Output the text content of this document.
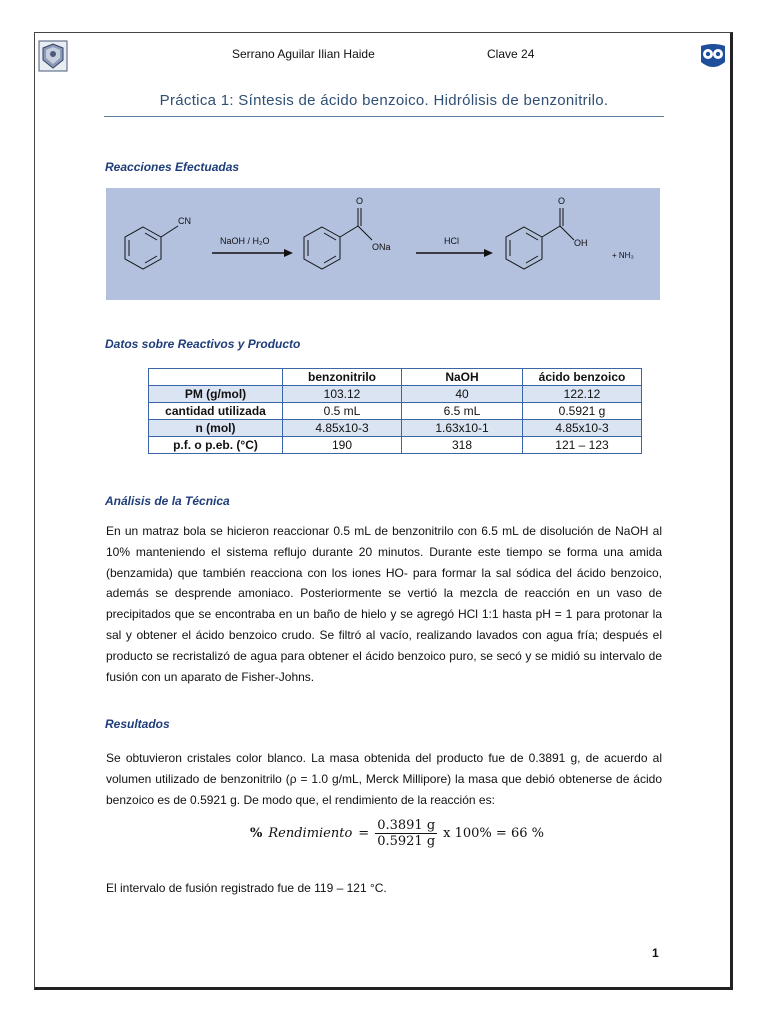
Serrano Aguilar Ilian Haide	Clave 24
Práctica 1: Síntesis de ácido benzoico. Hidrólisis de benzonitrilo.
Reacciones Efectuadas
CN
NaOH / H₂O
O
ONa
HCl
O
OH
+ NH₃
Datos sobre Reactivos y Producto
	benzonitrilo	NaOH	ácido benzoico
PM (g/mol)	103.12	40	122.12
cantidad utilizada	0.5 mL	6.5 mL	0.5921 g
n (mol)	4.85x10-3	1.63x10-1	4.85x10-3
p.f. o p.eb. (°C)	190	318	121 – 123
Análisis de la Técnica
En un matraz bola se hicieron reaccionar 0.5 mL de benzonitrilo con 6.5 mL de disolución de NaOH al 10% manteniendo el sistema reflujo durante 20 minutos. Durante este tiempo se forma una amida (benzamida) que también reacciona con los iones HO- para formar la sal sódica del ácido benzoico, además se desprende amoniaco. Posteriormente se vertió la mezcla de reacción en un vaso de precipitados que se encontraba en un baño de hielo y se agregó HCl 1:1 hasta pH = 1 para protonar la sal y obtener el ácido benzoico crudo. Se filtró al vacío, realizando lavados con agua fría; después el producto se recristalizó de agua para obtener el ácido benzoico puro, se secó y se midió su intervalo de fusión con un aparato de Fisher-Johns.
Resultados
Se obtuvieron cristales color blanco. La masa obtenida del producto fue de 0.3891 g, de acuerdo al volumen utilizado de benzonitrilo (ρ = 1.0 g/mL, Merck Millipore) la masa que debió obtenerse de ácido benzoico es de 0.5921 g. De modo que, el rendimiento de la reacción es:
% Rendimiento = $\frac{0.3891 g}{0.5921 g}$ x 100% = 66 %
El intervalo de fusión registrado fue de 119 – 121 °C.
1
